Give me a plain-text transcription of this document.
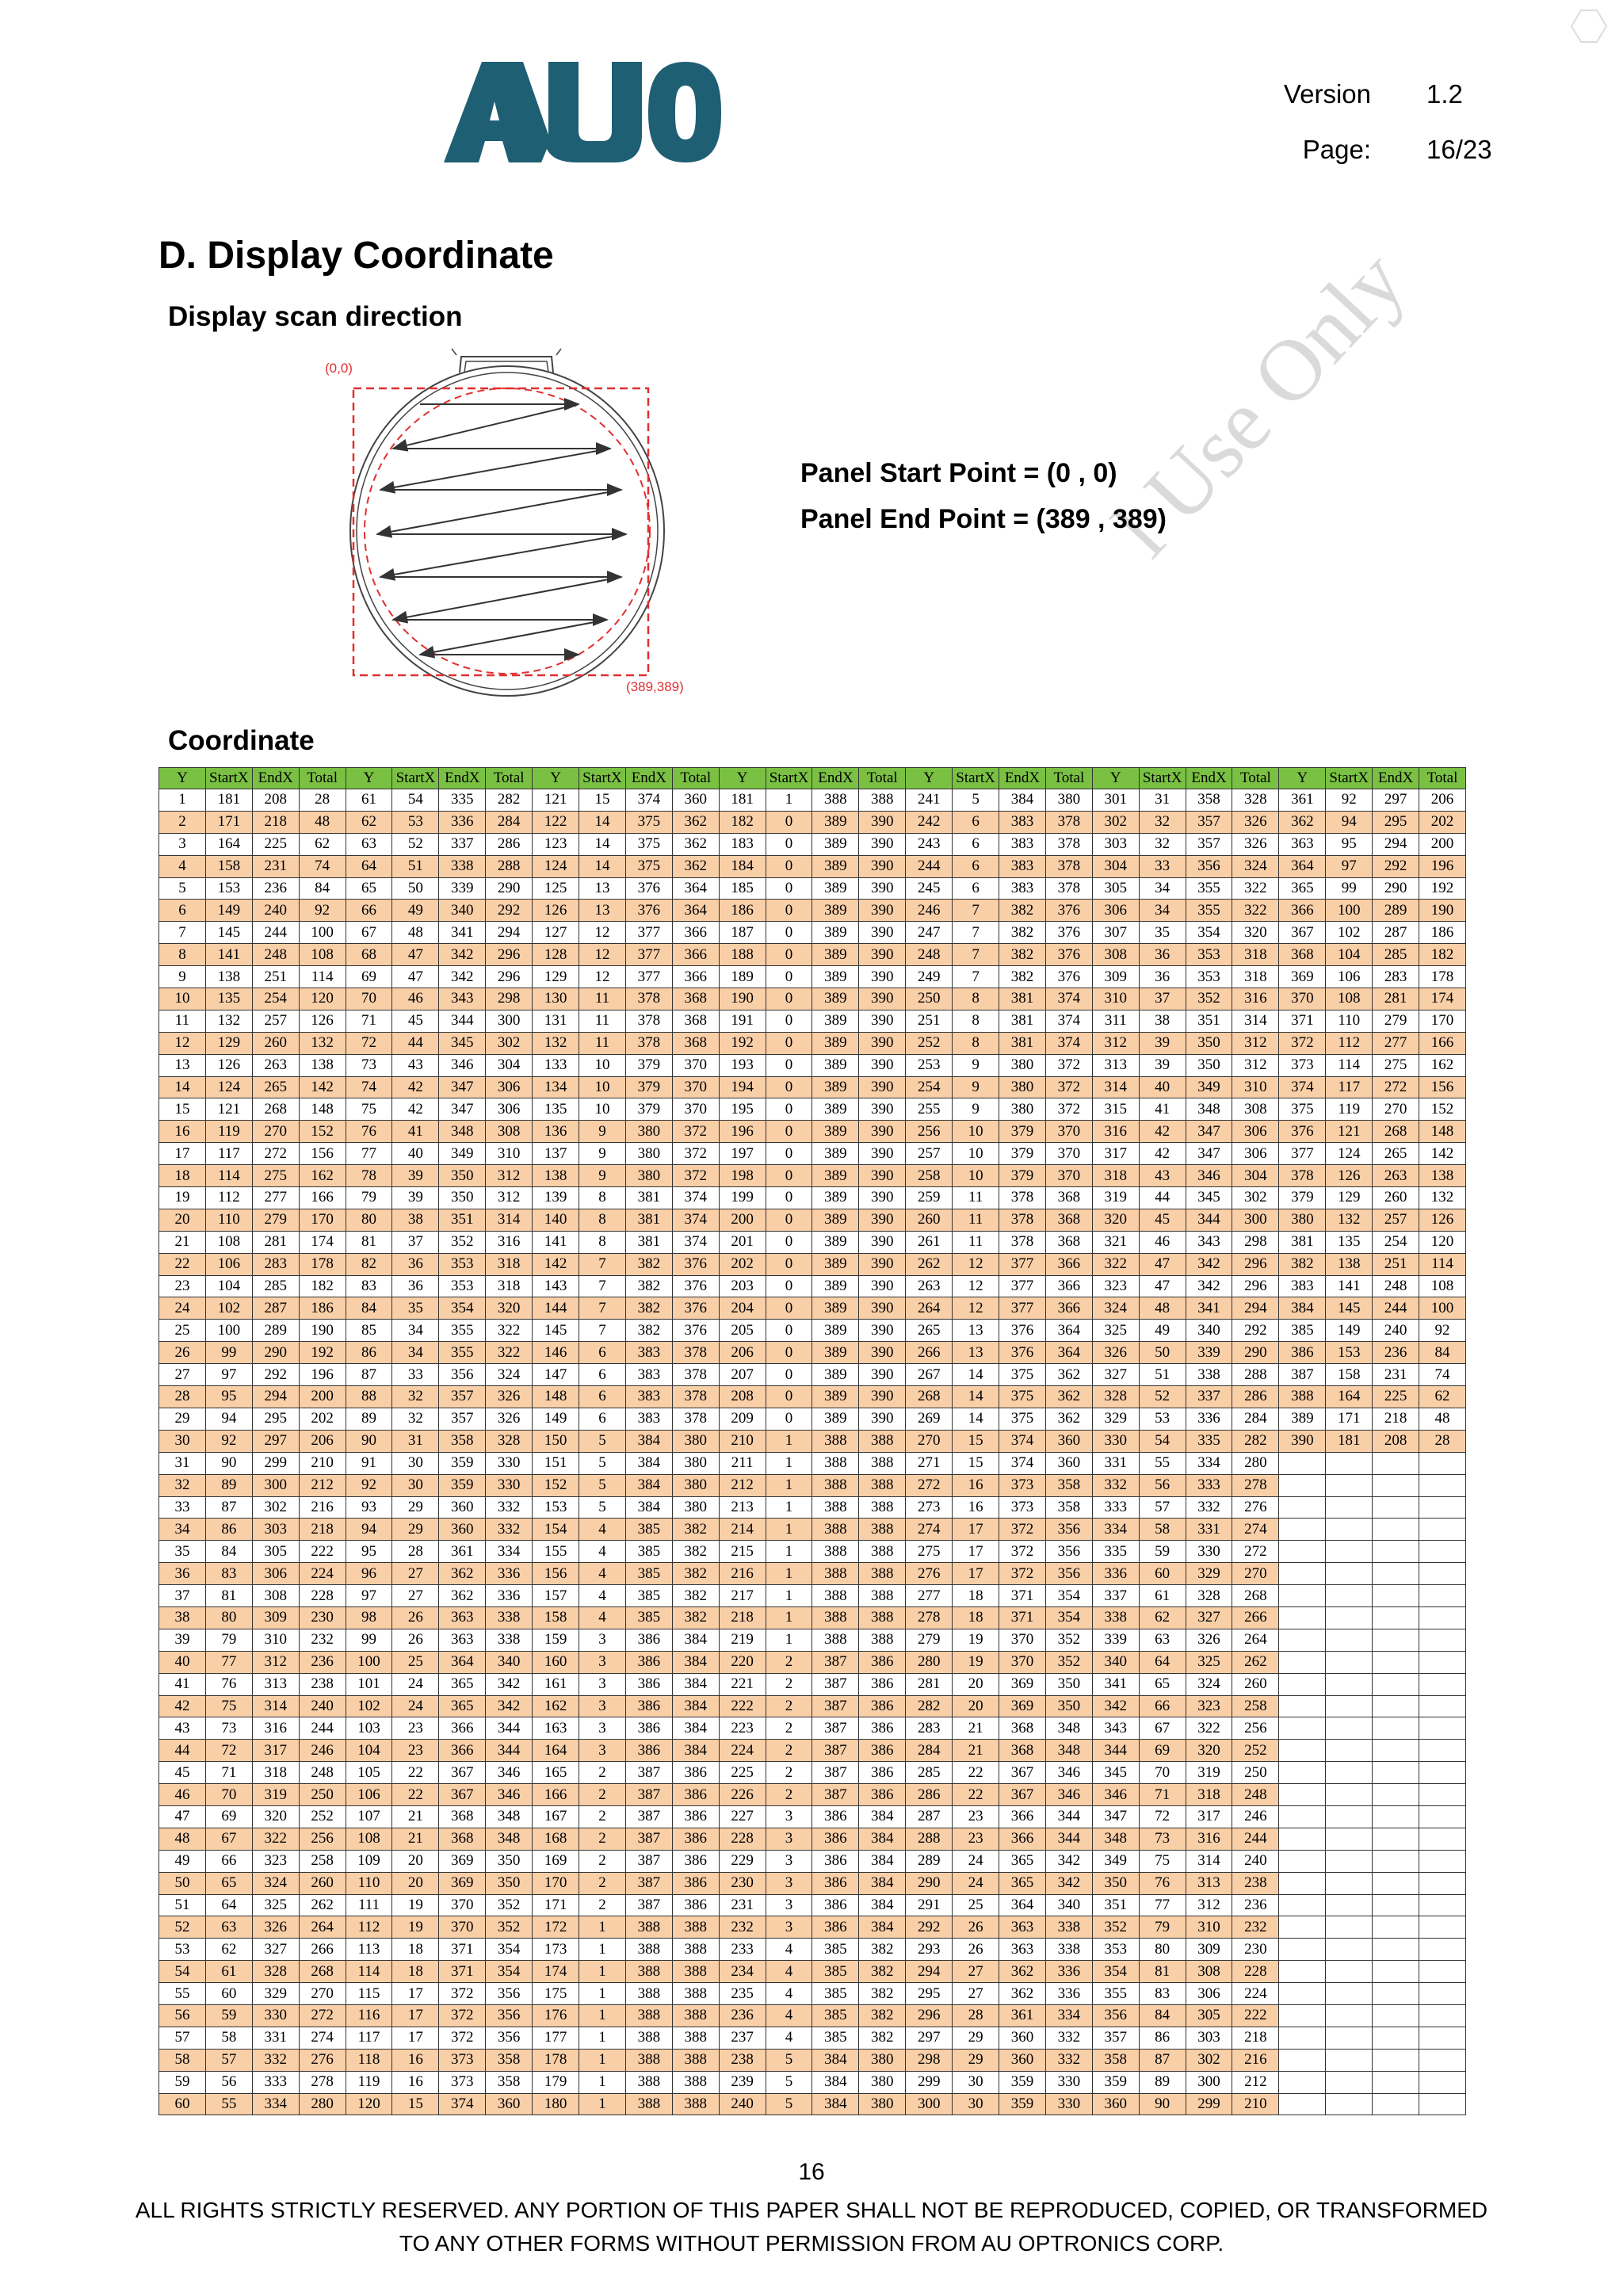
Version 1.2
Page: 16/23
l Use Only
D. Display Coordinate
Display scan direction
(0,0)
(389,389)
Panel Start Point = (0 , 0)
Panel End Point = (389 , 389)
Coordinate
Y	StartX	EndX	Total	Y	StartX	EndX	Total	Y	StartX	EndX	Total	Y	StartX	EndX	Total	Y	StartX	EndX	Total	Y	StartX	EndX	Total	Y	StartX	EndX	Total
1	181	208	28	61	54	335	282	121	15	374	360	181	1	388	388	241	5	384	380	301	31	358	328	361	92	297	206
2	171	218	48	62	53	336	284	122	14	375	362	182	0	389	390	242	6	383	378	302	32	357	326	362	94	295	202
3	164	225	62	63	52	337	286	123	14	375	362	183	0	389	390	243	6	383	378	303	32	357	326	363	95	294	200
4	158	231	74	64	51	338	288	124	14	375	362	184	0	389	390	244	6	383	378	304	33	356	324	364	97	292	196
5	153	236	84	65	50	339	290	125	13	376	364	185	0	389	390	245	6	383	378	305	34	355	322	365	99	290	192
6	149	240	92	66	49	340	292	126	13	376	364	186	0	389	390	246	7	382	376	306	34	355	322	366	100	289	190
7	145	244	100	67	48	341	294	127	12	377	366	187	0	389	390	247	7	382	376	307	35	354	320	367	102	287	186
8	141	248	108	68	47	342	296	128	12	377	366	188	0	389	390	248	7	382	376	308	36	353	318	368	104	285	182
9	138	251	114	69	47	342	296	129	12	377	366	189	0	389	390	249	7	382	376	309	36	353	318	369	106	283	178
10	135	254	120	70	46	343	298	130	11	378	368	190	0	389	390	250	8	381	374	310	37	352	316	370	108	281	174
11	132	257	126	71	45	344	300	131	11	378	368	191	0	389	390	251	8	381	374	311	38	351	314	371	110	279	170
12	129	260	132	72	44	345	302	132	11	378	368	192	0	389	390	252	8	381	374	312	39	350	312	372	112	277	166
13	126	263	138	73	43	346	304	133	10	379	370	193	0	389	390	253	9	380	372	313	39	350	312	373	114	275	162
14	124	265	142	74	42	347	306	134	10	379	370	194	0	389	390	254	9	380	372	314	40	349	310	374	117	272	156
15	121	268	148	75	42	347	306	135	10	379	370	195	0	389	390	255	9	380	372	315	41	348	308	375	119	270	152
16	119	270	152	76	41	348	308	136	9	380	372	196	0	389	390	256	10	379	370	316	42	347	306	376	121	268	148
17	117	272	156	77	40	349	310	137	9	380	372	197	0	389	390	257	10	379	370	317	42	347	306	377	124	265	142
18	114	275	162	78	39	350	312	138	9	380	372	198	0	389	390	258	10	379	370	318	43	346	304	378	126	263	138
19	112	277	166	79	39	350	312	139	8	381	374	199	0	389	390	259	11	378	368	319	44	345	302	379	129	260	132
20	110	279	170	80	38	351	314	140	8	381	374	200	0	389	390	260	11	378	368	320	45	344	300	380	132	257	126
21	108	281	174	81	37	352	316	141	8	381	374	201	0	389	390	261	11	378	368	321	46	343	298	381	135	254	120
22	106	283	178	82	36	353	318	142	7	382	376	202	0	389	390	262	12	377	366	322	47	342	296	382	138	251	114
23	104	285	182	83	36	353	318	143	7	382	376	203	0	389	390	263	12	377	366	323	47	342	296	383	141	248	108
24	102	287	186	84	35	354	320	144	7	382	376	204	0	389	390	264	12	377	366	324	48	341	294	384	145	244	100
25	100	289	190	85	34	355	322	145	7	382	376	205	0	389	390	265	13	376	364	325	49	340	292	385	149	240	92
26	99	290	192	86	34	355	322	146	6	383	378	206	0	389	390	266	13	376	364	326	50	339	290	386	153	236	84
27	97	292	196	87	33	356	324	147	6	383	378	207	0	389	390	267	14	375	362	327	51	338	288	387	158	231	74
28	95	294	200	88	32	357	326	148	6	383	378	208	0	389	390	268	14	375	362	328	52	337	286	388	164	225	62
29	94	295	202	89	32	357	326	149	6	383	378	209	0	389	390	269	14	375	362	329	53	336	284	389	171	218	48
30	92	297	206	90	31	358	328	150	5	384	380	210	1	388	388	270	15	374	360	330	54	335	282	390	181	208	28
31	90	299	210	91	30	359	330	151	5	384	380	211	1	388	388	271	15	374	360	331	55	334	280				
32	89	300	212	92	30	359	330	152	5	384	380	212	1	388	388	272	16	373	358	332	56	333	278				
33	87	302	216	93	29	360	332	153	5	384	380	213	1	388	388	273	16	373	358	333	57	332	276				
34	86	303	218	94	29	360	332	154	4	385	382	214	1	388	388	274	17	372	356	334	58	331	274				
35	84	305	222	95	28	361	334	155	4	385	382	215	1	388	388	275	17	372	356	335	59	330	272				
36	83	306	224	96	27	362	336	156	4	385	382	216	1	388	388	276	17	372	356	336	60	329	270				
37	81	308	228	97	27	362	336	157	4	385	382	217	1	388	388	277	18	371	354	337	61	328	268				
38	80	309	230	98	26	363	338	158	4	385	382	218	1	388	388	278	18	371	354	338	62	327	266				
39	79	310	232	99	26	363	338	159	3	386	384	219	1	388	388	279	19	370	352	339	63	326	264				
40	77	312	236	100	25	364	340	160	3	386	384	220	2	387	386	280	19	370	352	340	64	325	262				
41	76	313	238	101	24	365	342	161	3	386	384	221	2	387	386	281	20	369	350	341	65	324	260				
42	75	314	240	102	24	365	342	162	3	386	384	222	2	387	386	282	20	369	350	342	66	323	258				
43	73	316	244	103	23	366	344	163	3	386	384	223	2	387	386	283	21	368	348	343	67	322	256				
44	72	317	246	104	23	366	344	164	3	386	384	224	2	387	386	284	21	368	348	344	69	320	252				
45	71	318	248	105	22	367	346	165	2	387	386	225	2	387	386	285	22	367	346	345	70	319	250				
46	70	319	250	106	22	367	346	166	2	387	386	226	2	387	386	286	22	367	346	346	71	318	248				
47	69	320	252	107	21	368	348	167	2	387	386	227	3	386	384	287	23	366	344	347	72	317	246				
48	67	322	256	108	21	368	348	168	2	387	386	228	3	386	384	288	23	366	344	348	73	316	244				
49	66	323	258	109	20	369	350	169	2	387	386	229	3	386	384	289	24	365	342	349	75	314	240				
50	65	324	260	110	20	369	350	170	2	387	386	230	3	386	384	290	24	365	342	350	76	313	238				
51	64	325	262	111	19	370	352	171	2	387	386	231	3	386	384	291	25	364	340	351	77	312	236				
52	63	326	264	112	19	370	352	172	1	388	388	232	3	386	384	292	26	363	338	352	79	310	232				
53	62	327	266	113	18	371	354	173	1	388	388	233	4	385	382	293	26	363	338	353	80	309	230				
54	61	328	268	114	18	371	354	174	1	388	388	234	4	385	382	294	27	362	336	354	81	308	228				
55	60	329	270	115	17	372	356	175	1	388	388	235	4	385	382	295	27	362	336	355	83	306	224				
56	59	330	272	116	17	372	356	176	1	388	388	236	4	385	382	296	28	361	334	356	84	305	222				
57	58	331	274	117	17	372	356	177	1	388	388	237	4	385	382	297	29	360	332	357	86	303	218				
58	57	332	276	118	16	373	358	178	1	388	388	238	5	384	380	298	29	360	332	358	87	302	216				
59	56	333	278	119	16	373	358	179	1	388	388	239	5	384	380	299	30	359	330	359	89	300	212				
60	55	334	280	120	15	374	360	180	1	388	388	240	5	384	380	300	30	359	330	360	90	299	210				
16
ALL RIGHTS STRICTLY RESERVED. ANY PORTION OF THIS PAPER SHALL NOT BE REPRODUCED, COPIED, OR TRANSFORMED
TO ANY OTHER FORMS WITHOUT PERMISSION FROM AU OPTRONICS CORP.
